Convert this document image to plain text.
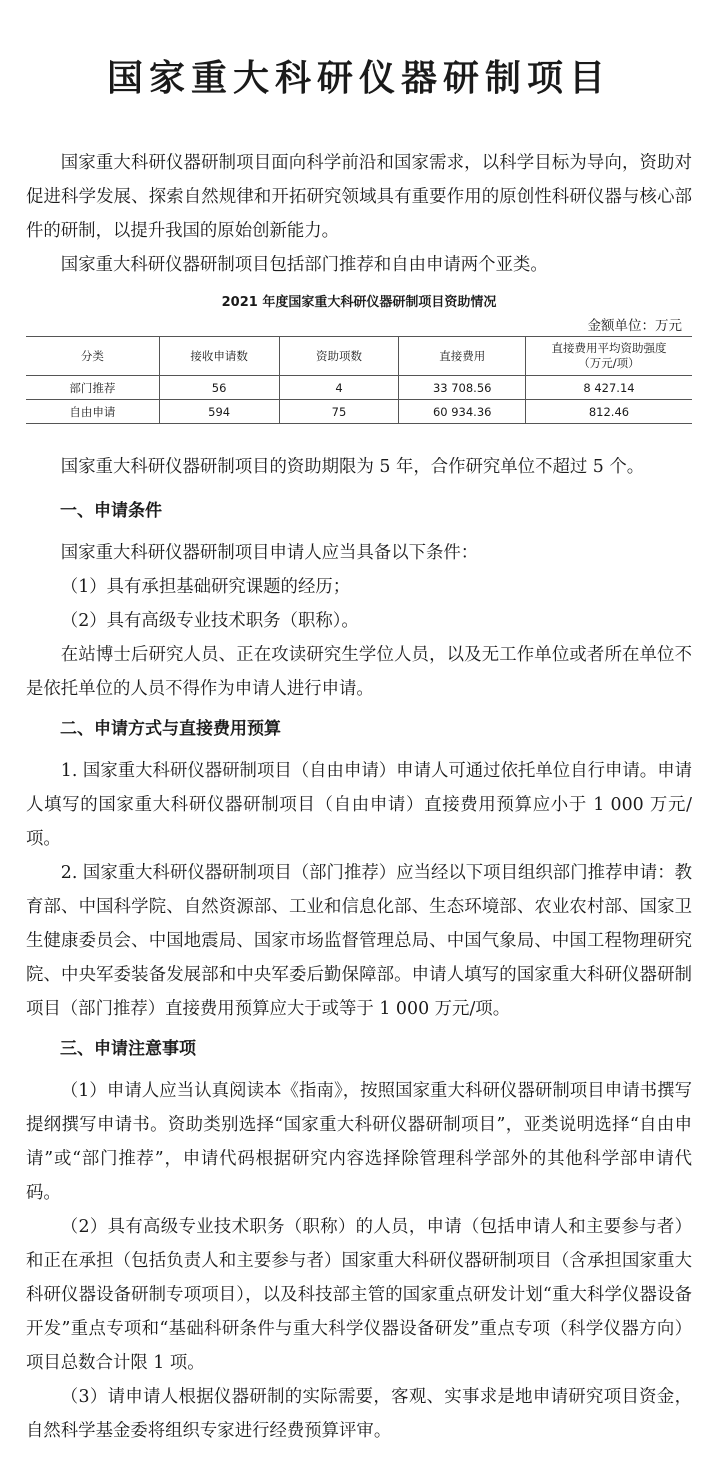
国家重大科研仪器研制项目

国家重大科研仪器研制项目面向科学前沿和国家需求，以科学目标为导向，资助对促进科学发展、探索自然规律和开拓研究领域具有重要作用的原创性科研仪器与核心部件的研制，以提升我国的原始创新能力。

国家重大科研仪器研制项目包括部门推荐和自由申请两个亚类。

2021 年度国家重大科研仪器研制项目资助情况
金额单位：万元
分类	接收申请数	资助项数	直接费用	直接费用平均资助强度
（万元/项）
部门推荐	56	4	33 708.56	8 427.14
自由申请	594	75	60 934.36	812.46

国家重大科研仪器研制项目的资助期限为 5 年，合作研究单位不超过 5 个。

一、申请条件

国家重大科研仪器研制项目申请人应当具备以下条件：

（1）具有承担基础研究课题的经历；

（2）具有高级专业技术职务（职称）。

在站博士后研究人员、正在攻读研究生学位人员，以及无工作单位或者所在单位不是依托单位的人员不得作为申请人进行申请。

二、申请方式与直接费用预算

1. 国家重大科研仪器研制项目（自由申请）申请人可通过依托单位自行申请。申请人填写的国家重大科研仪器研制项目（自由申请）直接费用预算应小于 1 000 万元/项。

2. 国家重大科研仪器研制项目（部门推荐）应当经以下项目组织部门推荐申请：教育部、中国科学院、自然资源部、工业和信息化部、生态环境部、农业农村部、国家卫生健康委员会、中国地震局、国家市场监督管理总局、中国气象局、中国工程物理研究院、中央军委装备发展部和中央军委后勤保障部。申请人填写的国家重大科研仪器研制项目（部门推荐）直接费用预算应大于或等于 1 000 万元/项。

三、申请注意事项

（1）申请人应当认真阅读本《指南》，按照国家重大科研仪器研制项目申请书撰写提纲撰写申请书。资助类别选择“国家重大科研仪器研制项目”，亚类说明选择“自由申请”或“部门推荐”，申请代码根据研究内容选择除管理科学部外的其他科学部申请代码。

（2）具有高级专业技术职务（职称）的人员，申请（包括申请人和主要参与者）和正在承担（包括负责人和主要参与者）国家重大科研仪器研制项目（含承担国家重大科研仪器设备研制专项项目），以及科技部主管的国家重点研发计划“重大科学仪器设备开发”重点专项和“基础科研条件与重大科学仪器设备研发”重点专项（科学仪器方向）项目总数合计限 1 项。

（3）请申请人根据仪器研制的实际需要，客观、实事求是地申请研究项目资金，自然科学基金委将组织专家进行经费预算评审。
